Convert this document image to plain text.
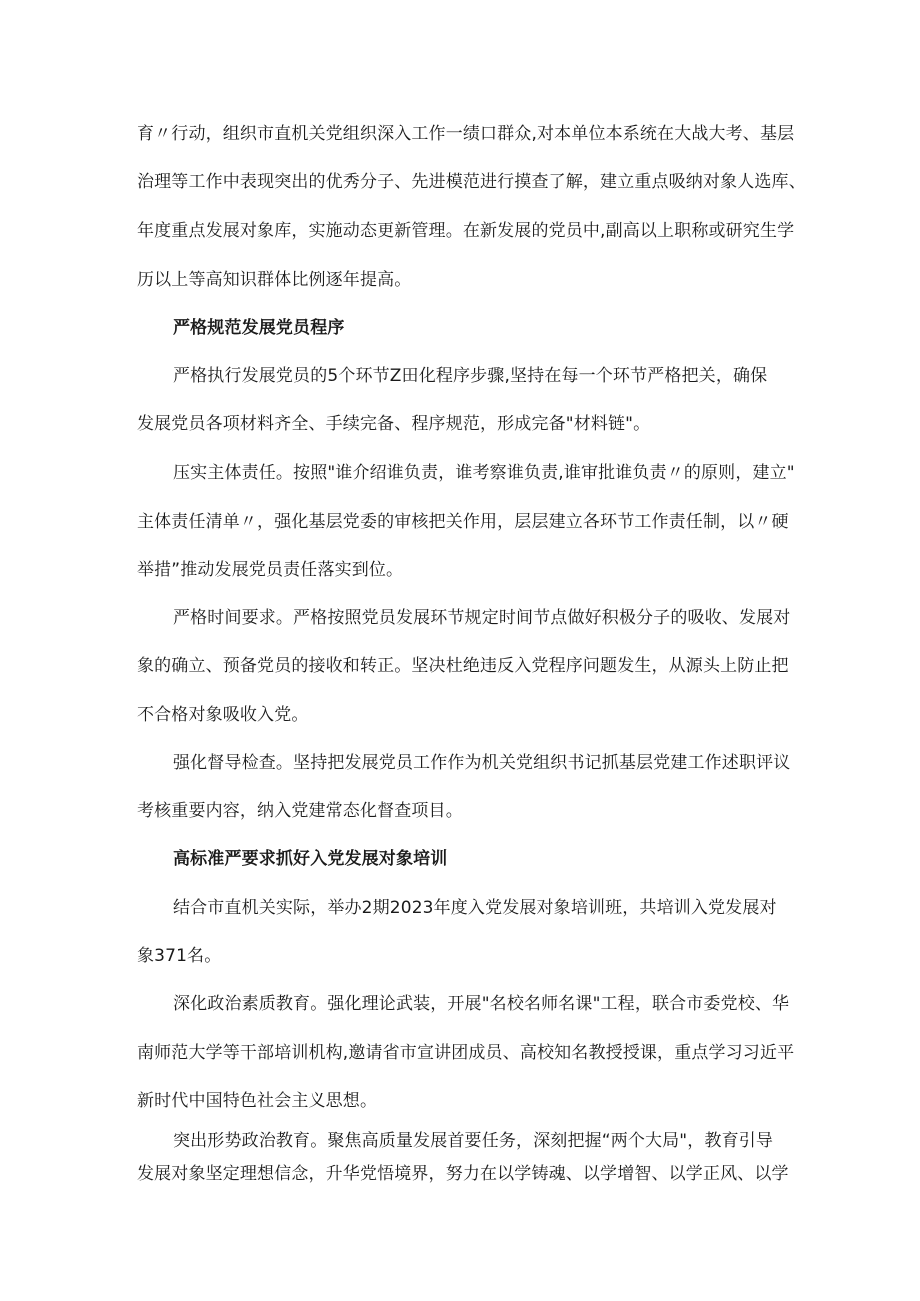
育〃行动，组织市直机关党组织深入工作一绩口群众,对本单位本系统在大战大考、基层
治理等工作中表现突出的优秀分子、先进模范进行摸查了解，建立重点吸纳对象人选库、
年度重点发展对象库，实施动态更新管理。在新发展的党员中,副高以上职称或研究生学
历以上等高知识群体比例逐年提高。
严格规范发展党员程序
严格执行发展党员的5个环节Z田化程序步骤,坚持在每一个环节严格把关，确保
发展党员各项材料齐全、手续完备、程序规范，形成完备"材料链"。
压实主体责任。按照"谁介绍谁负责，谁考察谁负责,谁审批谁负责〃的原则，建立"
主体责任清单〃，强化基层党委的审核把关作用，层层建立各环节工作责任制，以〃硬
举措”推动发展党员责任落实到位。
严格时间要求。严格按照党员发展环节规定时间节点做好积极分子的吸收、发展对
象的确立、预备党员的接收和转正。坚决杜绝违反入党程序问题发生，从源头上防止把
不合格对象吸收入党。
强化督导检查。坚持把发展党员工作作为机关党组织书记抓基层党建工作述职评议
考核重要内容，纳入党建常态化督查项目。
高标准严要求抓好入党发展对象培训
结合市直机关实际，举办2期2023年度入党发展对象培训班，共培训入党发展对
象371名。
深化政治素质教育。强化理论武装，开展"名校名师名课"工程，联合市委党校、华
南师范大学等干部培训机构,邀请省市宣讲团成员、高校知名教授授课，重点学习习近平
新时代中国特色社会主义思想。
突出形势政治教育。聚焦高质量发展首要任务，深刻把握“两个大局"，教育引导
发展对象坚定理想信念，升华党悟境界，努力在以学铸魂、以学增智、以学正风、以学
